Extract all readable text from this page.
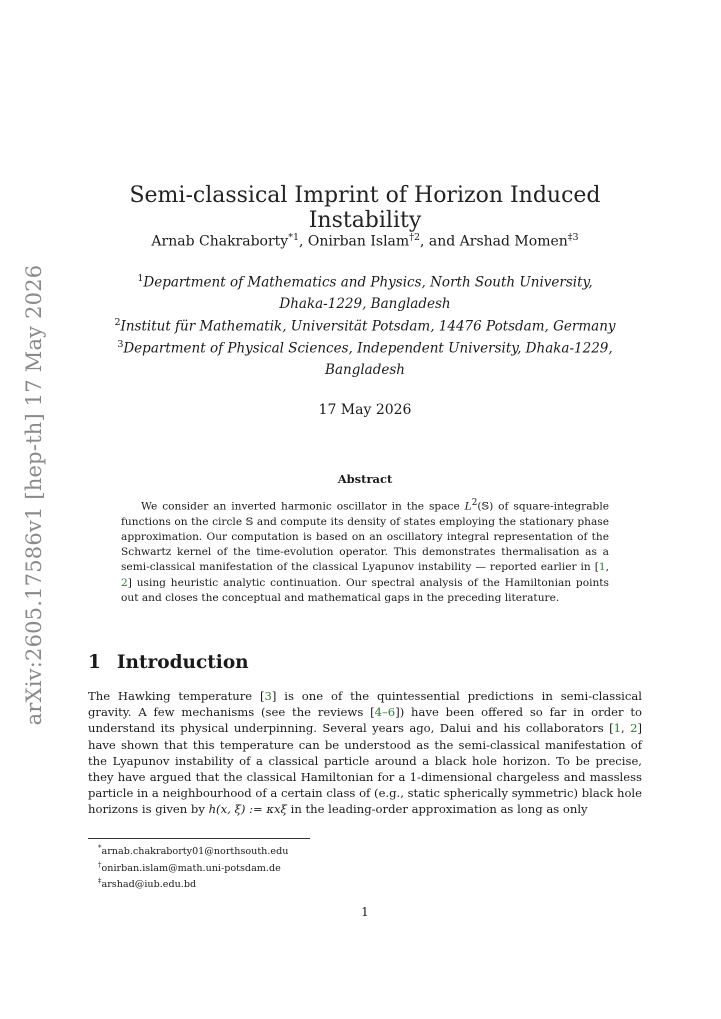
arXiv:2605.17586v1 [hep-th] 17 May 2026
Semi-classical Imprint of Horizon Induced Instability
Arnab Chakraborty$^{*1}$, Onirban Islam$^{\dagger 2}$, and Arshad Momen$^{\ddagger 3}$
$^1$Department of Mathematics and Physics, North South University,
Dhaka-1229, Bangladesh
$^2$Institut für Mathematik, Universität Potsdam, 14476 Potsdam, Germany
$^3$Department of Physical Sciences, Independent University, Dhaka-1229,
Bangladesh
17 May 2026
Abstract

We consider an inverted harmonic oscillator in the space $L^2(𝕊)$ of square-integrable functions on the circle 𝕊 and compute its density of states employing the stationary phase approximation. Our computation is based on an oscillatory integral representation of the Schwartz kernel of the time-evolution operator. This demonstrates thermalisation as a semi-classical manifestation of the classical Lyapunov instability — reported earlier in [1, 2] using heuristic analytic continuation. Our spectral analysis of the Hamiltonian points out and closes the conceptual and mathematical gaps in the preceding literature.

1 Introduction

The Hawking temperature [3] is one of the quintessential predictions in semi-classical gravity. A few mechanisms (see the reviews [4–6]) have been offered so far in order to understand its physical underpinning. Several years ago, Dalui and his collaborators [1, 2] have shown that this temperature can be understood as the semi-classical manifestation of the Lyapunov instability of a classical particle around a black hole horizon. To be precise, they have argued that the classical Hamiltonian for a 1-dimensional chargeless and massless particle in a neighbourhood of a certain class of (e.g., static spherically symmetric) black hole horizons is given by h(x, ξ) := κxξ in the leading-order approximation as long as only

*arnab.chakraborty01@northsouth.edu
†onirban.islam@math.uni-potsdam.de
‡arshad@iub.edu.bd
1
